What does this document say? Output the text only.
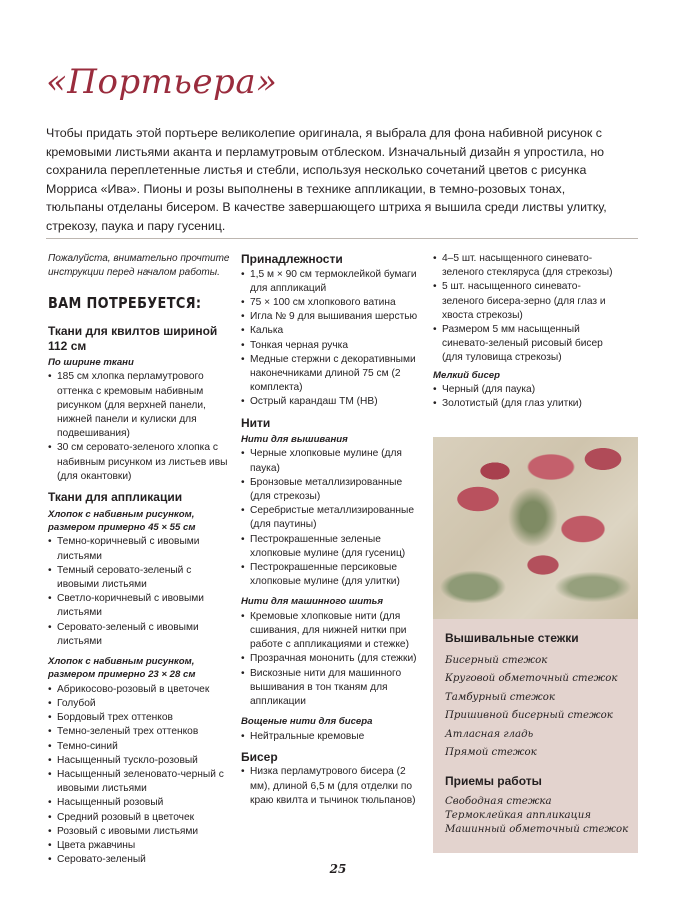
«Портьера»

Чтобы придать этой портьере великолепие оригинала, я выбрала для фона набивной рисунок с кремовыми листьями аканта и перламутровым отблеском. Изначальный дизайн я упростила, но сохранила переплетенные листья и стебли, используя несколько сочетаний цветов с рисунка Морриса «Ива». Пионы и розы выполнены в технике аппликации, в темно-розовых тонах, тюльпаны отделаны бисером. В качестве завершающего штриха я вышила среди листвы улитку, стрекозу, паука и пару гусениц.

Пожалуйста, внимательно прочтите инструкции перед началом работы.

ВАМ ПОТРЕБУЕТСЯ:
Ткани для квилтов шириной 112 см
По ширине ткани
• 185 см хлопка перламутрового оттенка с кремовым набивным рисунком (для верхней панели, нижней панели и кулиски для подвешивания)
• 30 см серовато-зеленого хлопка с набивным рисунком из листьев ивы (для окантовки)
Ткани для аппликации
Хлопок с набивным рисунком, размером примерно 45 × 55 см
• Темно-коричневый с ивовыми листьями
• Темный серовато-зеленый с ивовыми листьями
• Светло-коричневый с ивовыми листьями
• Серовато-зеленый с ивовыми листьями
Хлопок с набивным рисунком, размером примерно 23 × 28 см
• Абрикосово-розовый в цветочек
• Голубой
• Бордовый трех оттенков
• Темно-зеленый трех оттенков
• Темно-синий
• Насыщенный тускло-розовый
• Насыщенный зеленовато-черный с ивовыми листьями
• Насыщенный розовый
• Средний розовый в цветочек
• Розовый с ивовыми листьями
• Цвета ржавчины
• Серовато-зеленый
Принадлежности
• 1,5 м × 90 см термоклейкой бумаги для аппликаций
• 75 × 100 см хлопкового ватина
• Игла № 9 для вышивания шерстью
• Калька
• Тонкая черная ручка
• Медные стержни с декоративными наконечниками длиной 75 см (2 комплекта)
• Острый карандаш ТМ (НВ)
Нити
Нити для вышивания
• Черные хлопковые мулине (для паука)
• Бронзовые металлизированные (для стрекозы)
• Серебристые металлизированные (для паутины)
• Пестрокрашенные зеленые хлопковые мулине (для гусениц)
• Пестрокрашенные персиковые хлопковые мулине (для улитки)
Нити для машинного шитья
• Кремовые хлопковые нити (для сшивания, для нижней нитки при работе с аппликациями и стежке)
• Прозрачная мононить (для стежки)
• Вискозные нити для машинного вышивания в тон тканям для аппликации
Вощеные нити для бисера
• Нейтральные кремовые
Бисер
• Низка перламутрового бисера (2 мм), длиной 6,5 м (для отделки по краю квилта и тычинок тюльпанов)
• 4–5 шт. насыщенного синевато-зеленого стекляруса (для стрекозы)
• 5 шт. насыщенного синевато-зеленого бисера-зерно (для глаз и хвоста стрекозы)
• Размером 5 мм насыщенный синевато-зеленый рисовый бисер (для туловища стрекозы)
Мелкий бисер
• Черный (для паука)
• Золотистый (для глаз улитки)
Вышивальные стежки

Бисерный стежок

Круговой обметочный стежок

Тамбурный стежок

Пришивной бисерный стежок

Атласная гладь

Прямой стежок

Приемы работы

Свободная стежка

Термоклейкая аппликация

Машинный обметочный стежок

25
